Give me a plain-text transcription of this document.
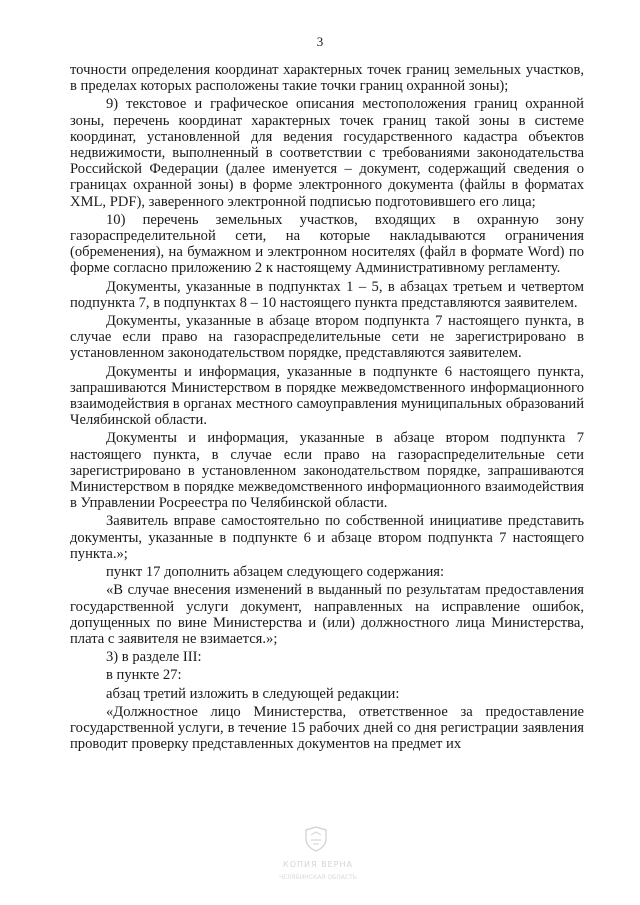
3

точности определения координат характерных точек границ земельных участков, в пределах которых расположены такие точки границ охранной зоны);

9) текстовое и графическое описания местоположения границ охранной зоны, перечень координат характерных точек границ такой зоны в системе координат, установленной для ведения государственного кадастра объектов недвижимости, выполненный в соответствии с требованиями законодательства Российской Федерации (далее именуется – документ, содержащий сведения о границах охранной зоны) в форме электронного документа (файлы в форматах XML, PDF), заверенного электронной подписью подготовившего его лица;

10) перечень земельных участков, входящих в охранную зону газораспределительной сети, на которые накладываются ограничения (обременения), на бумажном и электронном носителях (файл в формате Word) по форме согласно приложению 2 к настоящему Административному регламенту.

Документы, указанные в подпунктах 1 – 5, в абзацах третьем и четвертом подпункта 7, в подпунктах 8 – 10 настоящего пункта представляются заявителем.

Документы, указанные в абзаце втором подпункта 7 настоящего пункта, в случае если право на газораспределительные сети не зарегистрировано в установленном законодательством порядке, представляются заявителем.

Документы и информация, указанные в подпункте 6 настоящего пункта, запрашиваются Министерством в порядке межведомственного информационного взаимодействия в органах местного самоуправления муниципальных образований Челябинской области.

Документы и информация, указанные в абзаце втором подпункта 7 настоящего пункта, в случае если право на газораспределительные сети зарегистрировано в установленном законодательством порядке, запрашиваются Министерством в порядке межведомственного информационного взаимодействия в Управлении Росреестра по Челябинской области.

Заявитель вправе самостоятельно по собственной инициативе представить документы, указанные в подпункте 6 и абзаце втором подпункта 7 настоящего пункта.»;

пункт 17 дополнить абзацем следующего содержания:

«В случае внесения изменений в выданный по результатам предоставления государственной услуги документ, направленных на исправление ошибок, допущенных по вине Министерства и (или) должностного лица Министерства, плата с заявителя не взимается.»;

3) в разделе III:

в пункте 27:

абзац третий изложить в следующей редакции:

«Должностное лицо Министерства, ответственное за предоставление государственной услуги, в течение 15 рабочих дней со дня регистрации заявления проводит проверку представленных документов на предмет их

КОПИЯ ВЕРНА
ЧЕЛЯБИНСКАЯ ОБЛАСТЬ
